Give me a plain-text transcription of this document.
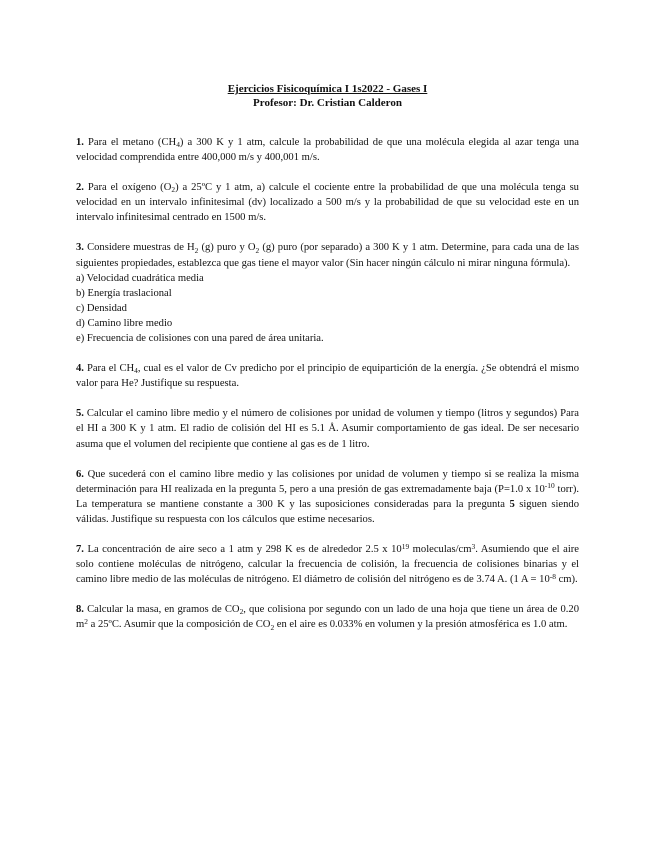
Ejercicios Fisicoquímica I 1s2022 - Gases I
Profesor: Dr. Cristian Calderon

1. Para el metano $(CH_4)$ a 300 K y 1 atm, calcule la probabilidad de que una molécula elegida al azar tenga una velocidad comprendida entre 400,000 m/s y 400,001 m/s.

2. Para el oxígeno $(O_2)$ a 25ºC y 1 atm, a) calcule el cociente entre la probabilidad de que una molécula tenga su velocidad en un intervalo infinitesimal (dv) localizado a 500 m/s y la probabilidad de que su velocidad este en un intervalo infinitesimal centrado en 1500 m/s.

3. Considere muestras de $H_2$ (g) puro y $O_2$ (g) puro (por separado) a 300 K y 1 atm. Determine, para cada una de las siguientes propiedades, establezca que gas tiene el mayor valor (Sin hacer ningún cálculo ni mirar ninguna fórmula).

a) Velocidad cuadrática media
b) Energía traslacional
c) Densidad
d) Camino libre medio
e) Frecuencia de colisiones con una pared de área unitaria.

4. Para el $CH_4$, cual es el valor de Cv predicho por el principio de equipartición de la energía. ¿Se obtendrá el mismo valor para He? Justifique su respuesta.

5. Calcular el camino libre medio y el número de colisiones por unidad de volumen y tiempo (litros y segundos) Para el HI a 300 K y 1 atm. El radio de colisión del HI es 5.1 Å. Asumir comportamiento de gas ideal. De ser necesario asuma que el volumen del recipiente que contiene al gas es de 1 litro.

6. Que sucederá con el camino libre medio y las colisiones por unidad de volumen y tiempo si se realiza la misma determinación para HI realizada en la pregunta 5, pero a una presión de gas extremadamente baja (P=1.0 x $10^{-10}$ torr). La temperatura se mantiene constante a 300 K y las suposiciones consideradas para la pregunta 5 siguen siendo válidas. Justifique su respuesta con los cálculos que estime necesarios.

7. La concentración de aire seco a 1 atm y 298 K es de alrededor 2.5 x $10^{19}$ moleculas/$cm^3$. Asumiendo que el aire solo contiene moléculas de nitrógeno, calcular la frecuencia de colisión, la frecuencia de colisiones binarias y el camino libre medio de las moléculas de nitrógeno. El diámetro de colisión del nitrógeno es de 3.74 A. (1 $A = 10^{-8}$ cm).

8. Calcular la masa, en gramos de $CO_2$, que colisiona por segundo con un lado de una hoja que tiene un área de 0.20 $m^2$ a 25ºC. Asumir que la composición de $CO_2$ en el aire es 0.033% en volumen y la presión atmosférica es 1.0 atm.
